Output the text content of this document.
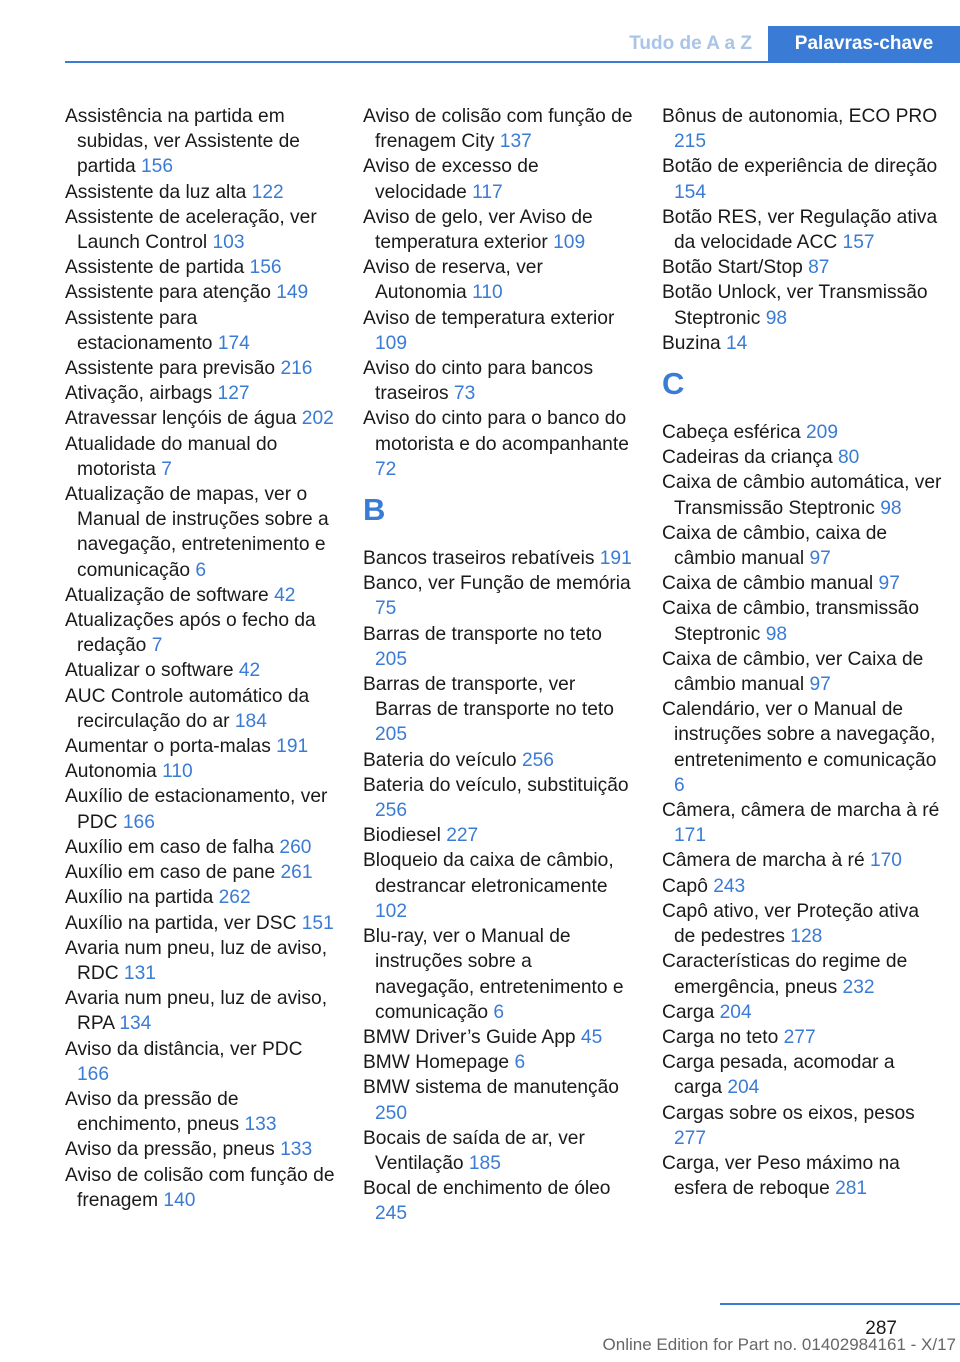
Tudo de A a Z	Palavras-chave
Assistência na partida em subidas, ver Assistente de partida 156
Assistente da luz alta 122
Assistente de aceleração, ver Launch Control 103
Assistente de partida 156
Assistente para atenção 149
Assistente para estacionamento 174
Assistente para previsão 216
Ativação, airbags 127
Atravessar lençóis de água 202
Atualidade do manual do motorista 7
Atualização de mapas, ver o Manual de instruções sobre a navegação, entretenimento e comunicação 6
Atualização de software 42
Atualizações após o fecho da redação 7
Atualizar o software 42
AUC Controle automático da recirculação do ar 184
Aumentar o porta-malas 191
Autonomia 110
Auxílio de estacionamento, ver PDC 166
Auxílio em caso de falha 260
Auxílio em caso de pane 261
Auxílio na partida 262
Auxílio na partida, ver DSC 151
Avaria num pneu, luz de aviso, RDC 131
Avaria num pneu, luz de aviso, RPA 134
Aviso da distância, ver PDC 166
Aviso da pressão de enchimento, pneus 133
Aviso da pressão, pneus 133
Aviso de colisão com função de frenagem 140
Aviso de colisão com função de frenagem City 137
Aviso de excesso de velocidade 117
Aviso de gelo, ver Aviso de temperatura exterior 109
Aviso de reserva, ver Autonomia 110
Aviso de temperatura exterior 109
Aviso do cinto para bancos traseiros 73
Aviso do cinto para o banco do motorista e do acompanhante 72
B
Bancos traseiros rebatíveis 191
Banco, ver Função de memória 75
Barras de transporte no teto 205
Barras de transporte, ver Barras de transporte no teto 205
Bateria do veículo 256
Bateria do veículo, substituição 256
Biodiesel 227
Bloqueio da caixa de câmbio, destrancar eletronicamente 102
Blu-ray, ver o Manual de instruções sobre a navegação, entretenimento e comunicação 6
BMW Driver’s Guide App 45
BMW Homepage 6
BMW sistema de manutenção 250
Bocais de saída de ar, ver Ventilação 185
Bocal de enchimento de óleo 245
Bônus de autonomia, ECO PRO 215
Botão de experiência de direção 154
Botão RES, ver Regulação ativa da velocidade ACC 157
Botão Start/Stop 87
Botão Unlock, ver Transmissão Steptronic 98
Buzina 14
C
Cabeça esférica 209
Cadeiras da criança 80
Caixa de câmbio automática, ver Transmissão Steptronic 98
Caixa de câmbio, caixa de câmbio manual 97
Caixa de câmbio manual 97
Caixa de câmbio, transmissão Steptronic 98
Caixa de câmbio, ver Caixa de câmbio manual 97
Calendário, ver o Manual de instruções sobre a navegação, entretenimento e comunicação 6
Câmera, câmera de marcha à ré 171
Câmera de marcha à ré 170
Capô 243
Capô ativo, ver Proteção ativa de pedestres 128
Características do regime de emergência, pneus 232
Carga 204
Carga no teto 277
Carga pesada, acomodar a carga 204
Cargas sobre os eixos, pesos 277
Carga, ver Peso máximo na esfera de reboque 281
287
Online Edition for Part no. 01402984161 - X/17
